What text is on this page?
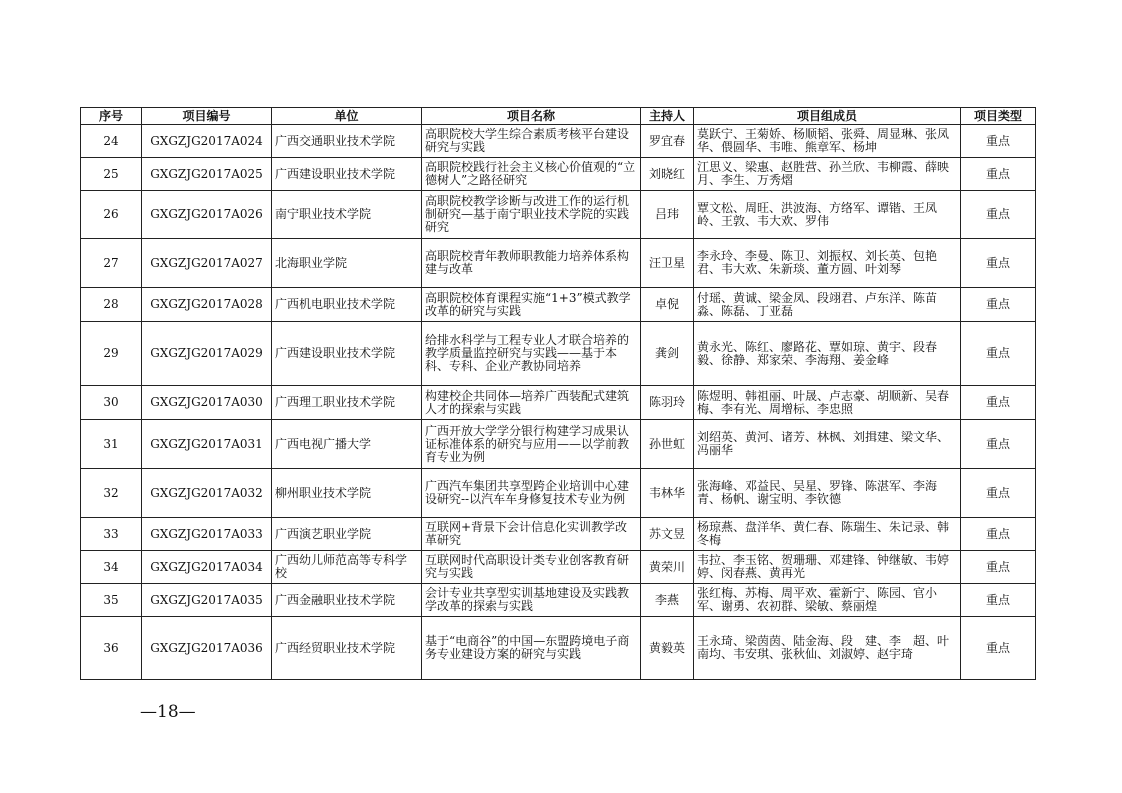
序号	项目编号	单位	项目名称	主持人	项目组成员	项目类型
24	GXGZJG2017A024	广西交通职业技术学院	高职院校大学生综合素质考核平台建设研究与实践	罗宜春	莫跃宁、王菊娇、杨顺韬、张舜、周显琳、张凤华、偎圆华、韦唯、熊章军、杨坤	重点
25	GXGZJG2017A025	广西建设职业技术学院	高职院校践行社会主义核心价值观的“立德树人”之路径研究	刘晓红	江思义、梁惠、赵胜营、孙兰欣、韦柳霞、薛映月、李生、万秀熠	重点
26	GXGZJG2017A026	南宁职业技术学院	高职院校教学诊断与改进工作的运行机制研究—基于南宁职业技术学院的实践研究	吕玮	覃文松、周旺、洪波海、方络军、谭锴、王凤岭、王敦、韦大欢、罗伟	重点
27	GXGZJG2017A027	北海职业学院	高职院校青年教师职教能力培养体系构建与改革	汪卫星	李永玲、李曼、陈卫、刘振权、刘长英、包艳君、韦大欢、朱新琰、董方圆、叶刘琴	重点
28	GXGZJG2017A028	广西机电职业技术学院	高职院校体育课程实施“1+3”模式教学改革的研究与实践	卓倪	付瑶、黄诚、梁金凤、段翊君、卢东洋、陈苗淼、陈磊、丁亚磊	重点
29	GXGZJG2017A029	广西建设职业技术学院	给排水科学与工程专业人才联合培养的教学质量监控研究与实践——基于本科、专科、企业产教协同培养	龚剑	黄永光、陈红、廖路花、覃如琼、黄宇、段春毅、徐静、郑家荣、李海翔、姜金峰	重点
30	GXGZJG2017A030	广西理工职业技术学院	构建校企共同体—培养广西装配式建筑人才的探索与实践	陈羽玲	陈煜明、韩祖丽、叶晟、卢志豪、胡顺新、吴春梅、李有光、周增标、李忠照	重点
31	GXGZJG2017A031	广西电视广播大学	广西开放大学学分银行构建学习成果认证标准体系的研究与应用——以学前教育专业为例	孙世虹	刘绍英、黄河、诸芳、林枫、刘揖建、梁文华、冯丽华	重点
32	GXGZJG2017A032	柳州职业技术学院	广西汽车集团共享型跨企业培训中心建设研究--以汽车车身修复技术专业为例	韦林华	张海峰、邓益民、吴星、罗锋、陈湛军、李海青、杨帆、谢宝明、李钦德	重点
33	GXGZJG2017A033	广西演艺职业学院	互联网+背景下会计信息化实训教学改革研究	苏文昱	杨琼燕、盘洋华、黄仁春、陈瑞生、朱记录、韩冬梅	重点
34	GXGZJG2017A034	广西幼儿师范高等专科学校	互联网时代高职设计类专业创客教育研究与实践	黄荣川	韦拉、李玉铭、贺珊珊、邓建锋、钟继敏、韦婷婷、闵春燕、黄再光	重点
35	GXGZJG2017A035	广西金融职业技术学院	会计专业共享型实训基地建设及实践教学改革的探索与实践	李燕	张红梅、苏梅、周平欢、霍新宁、陈园、官小军、谢勇、农初群、梁敏、蔡丽煌	重点
36	GXGZJG2017A036	广西经贸职业技术学院	基于“电商谷”的中国—东盟跨境电子商务专业建设方案的研究与实践	黄毅英	王永琦、梁茵茵、陆金海、段　建、李　超、叶南均、韦安琪、张秋仙、刘淑婷、赵宇琦	重点
—18—
